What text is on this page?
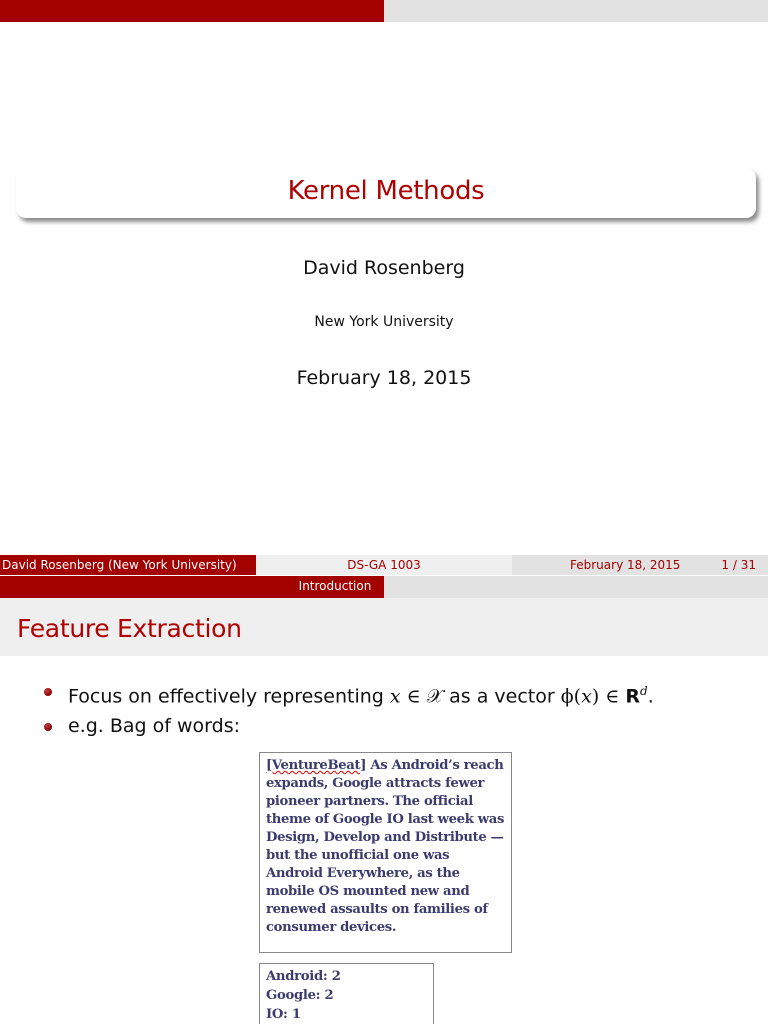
Kernel Methods
David Rosenberg
New York University
February 18, 2015
David Rosenberg (New York University)	DS-GA 1003	February 18, 2015	1 / 31
Introduction
Feature Extraction
Focus on effectively representing x ∈ 𝒳 as a vector ϕ(x) ∈ $R^d$.
e.g. Bag of words:
[VentureBeat] As Android’s reach expands, Google attracts fewer pioneer partners. The official theme of Google IO last week was Design, Develop and Distribute — but the unofficial one was Android Everywhere, as the mobile OS mounted new and renewed assaults on families of consumer devices.
Android: 2
Google: 2
IO: 1
